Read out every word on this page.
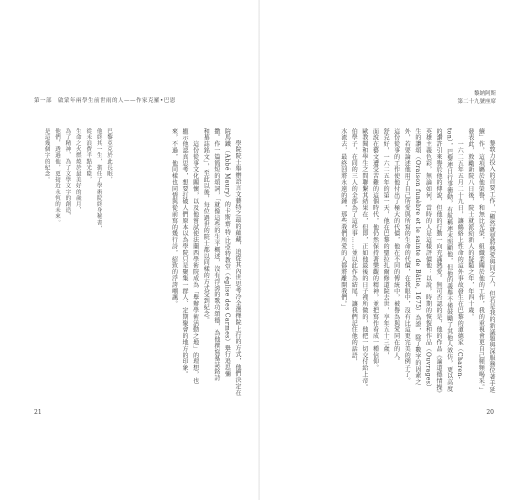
第一部　啟蒙年兩學生前世雨的人——作家克羅•巴恩
學院院士舉辦語言文藝特之最的蘊藏，追從其內世思考冷全選擇院上行的方式，他們決定在
院馬鐵（Abbé Maury）的卡斯齋·特·比亞特教堂（église des Carmes）舉行追思彌
撒。作一篇簡短的頌詞，「就像這些的生平概述，沒有浮誇的歌功頌德，為他撰寫墓誌銘詩
和墓誌銘文」，至此以後，每位過世的院士都以同樣的方式受到紀念。
　　這份從事文化關懷，以及他嘗試使法蘭西學術院成為「舉辦學術活動之地」的理想，也
顯示他認真思考，想要打破人們原本以為學院只是聚集一群人、定期聚會的地方的印象。
來，不過，他同樣也同情與從前寫的幾行詩，紹致的浮誇嘲諷。
巴黎亞克於此長眠，
他終其一生，擔任了學術院終身秘書，
從未浪費半點光陰，
生命之火燃燒於最美好的歲月，
為了精神，為了文學文字的創造，
他們，透過他，更接近永恆的未來。
是這幾個字的紀念。
21
黎納阿斯
第二十九號座席
黎敦力投入的首要工作，「顯然就要將熱愛與同之人，但若是我的新議題與深服務位著手延
續」作，這項屬於他榮譽，和無比光榮，組織業關於他的工作，我的重視會更自己頻頻喝采。」
發表此，敦勵新院八日後，院士就派給新人的疑隨之年，年四十歲。
　　一六二五年五月二十九日，讓鶴絡上性命的這外事故發生在巴黎的道德家（Charen-
ton），巴黎連日行事衝動，有航稱連末照顧他，但他的義舉不僅鼓勵了其他人效仿，更以高度
的讚許引來譽於他的傳說，但他的行動一向充滿熱愛。無可否認的是，他的作品《論道德情操》
英雄主義色彩，無論如何，當時的人是這樣評價他：以說，時期的恢復和作品（Ouvrages）
生的讚頌（Oraison funèbre et le sainte de Bâtie, 1675）為證，除了數字的因素之
外，若要論述他用了自己所愛與所寫的生命的代價，在我眼中，沒有比這更完美的例子了。
這份從事的工作使他付出了極大的代價，他在不同的傳統中，被譽為與愛同在的人。
舒克好，一六二五年的第一天，他在巴黎的聖拉扎爾修道院去世，享年五十三歲，
面說在藝文遭受苦難的這個時代，他仍然保持著樂觀的精神，並把寫作看成一種信仰。
歐教聞和學生之間聯繫其結果在，但即，正如他最後的日子裡所做的，他把一切交付給上帝。
伯學子，在同的三人的全部為了這些事……並以此作為結尾，讓我們記住他的話語，
水流去，最終回將永遠的鍾，那些我們所愛的人都將離開我們。」
20
